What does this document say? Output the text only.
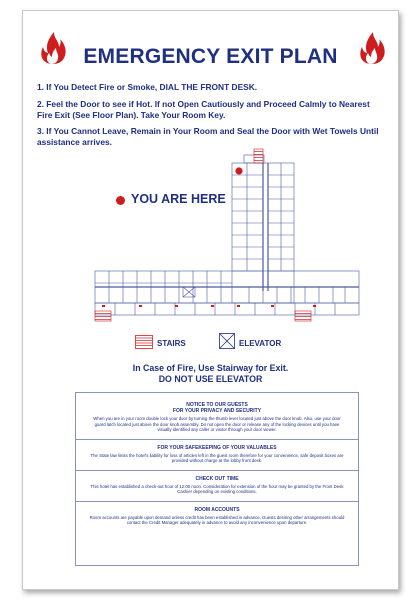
EMERGENCY EXIT PLAN
1. If You Detect Fire or Smoke, DIAL THE FRONT DESK.
2. Feel the Door to see if Hot. If not Open Cautiously and Proceed Calmly to Nearest Fire Exit (See Floor Plan). Take Your Room Key.
3. If You Cannot Leave, Remain in Your Room and Seal the Door with Wet Towels Until assistance arrives.
YOU ARE HERE
STAIRS	ELEVATOR
In Case of Fire, Use Stairway for Exit.
DO NOT USE ELEVATOR
NOTICE TO OUR GUESTS
FOR YOUR PRIVACY AND SECURITY
When you are in your room double lock your door by turning the thumb lever located just above the door knob. Also, use your door guard latch located just above the door knob assembly. Do not open the door or release any of the locking devices until you have visually identified any caller or visitor through your door viewer.
FOR YOUR SAFEKEEPING OF YOUR VALUABLES
The State law limits the hotel's liability for loss of articles left in the guest room therefore for your convenience, safe deposit boxes are provided without charge at the lobby front desk.
CHECK OUT TIME
This hotel has established a check-out hour of 12:00 noon. Consideration for extension of the hour may be granted by the Front Desk Cashier depending on existing conditions.
ROOM ACCOUNTS
Room accounts are payable upon demand unless credit has been established in advance. Guests desiring other arrangements should contact the Credit Manager adequately in advance to avoid any inconvenience upon departure.
